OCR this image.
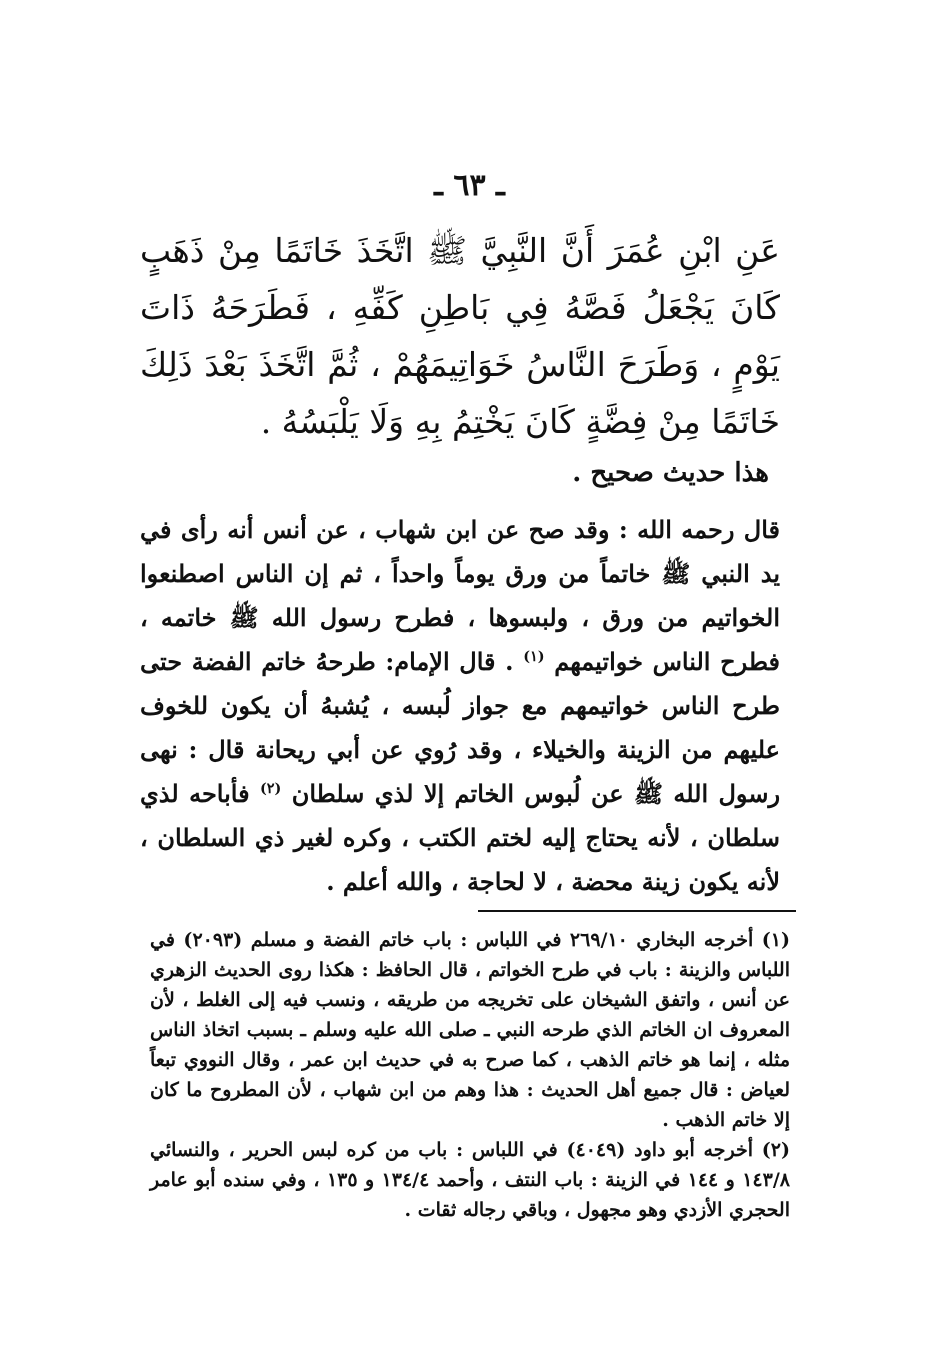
ـ ٦٣ ـ

عَنِ ابْنِ عُمَرَ أَنَّ النَّبِيَّ ﷺ اتَّخَذَ خَاتَمًا مِنْ ذَهَبٍ كَانَ يَجْعَلُ فَصَّهُ فِي بَاطِنِ كَفِّهِ ، فَطَرَحَهُ ذَاتَ يَوْمٍ ، وَطَرَحَ النَّاسُ خَوَاتِيمَهُمْ ، ثُمَّ اتَّخَذَ بَعْدَ ذَلِكَ خَاتَمًا مِنْ فِضَّةٍ كَانَ يَخْتِمُ بِهِ وَلَا يَلْبَسُهُ .

هذا حديث صحيح .

قال رحمه الله : وقد صح عن ابن شهاب ، عن أنس أنه رأى في يد النبي ﷺ خاتماً من ورق يوماً واحداً ، ثم إن الناس اصطنعوا الخواتيم من ورق ، ولبسوها ، فطرح رسول الله ﷺ خاتمه ، فطرح الناس خواتيمهم $^{(١)}$ . قال الإمام: طرحهُ خاتم الفضة حتى طرح الناس خواتيمهم مع جواز لُبسه ، يُشبهُ أن يكون للخوف عليهم من الزينة والخيلاء ، وقد رُوي عن أبي ريحانة قال : نهى رسول الله ﷺ عن لُبوس الخاتم إلا لذي سلطان $^{(٢)}$ فأباحه لذي سلطان ، لأنه يحتاج إليه لختم الكتب ، وكره لغير ذي السلطان ، لأنه يكون زينة محضة ، لا لحاجة ، والله أعلم .

(١) أخرجه البخاري ٢٦٩/١٠ في اللباس : باب خاتم الفضة و مسلم (٢٠٩٣) في اللباس والزينة : باب في طرح الخواتم ، قال الحافظ : هكذا روى الحديث الزهري عن أنس ، واتفق الشيخان على تخريجه من طريقه ، ونسب فيه إلى الغلط ، لأن المعروف ان الخاتم الذي طرحه النبي ـ صلى الله عليه وسلم ـ بسبب اتخاذ الناس مثله ، إنما هو خاتم الذهب ، كما صرح به في حديث ابن عمر ، وقال النووي تبعاً لعياض : قال جميع أهل الحديث : هذا وهم من ابن شهاب ، لأن المطروح ما كان إلا خاتم الذهب .

(٢) أخرجه أبو داود (٤٠٤٩) في اللباس : باب من كره لبس الحرير ، والنسائي ١٤٣/٨ و ١٤٤ في الزينة : باب النتف ، وأحمد ١٣٤/٤ و ١٣٥ ، وفي سنده أبو عامر الحجري الأزدي وهو مجهول ، وباقي رجاله ثقات .
